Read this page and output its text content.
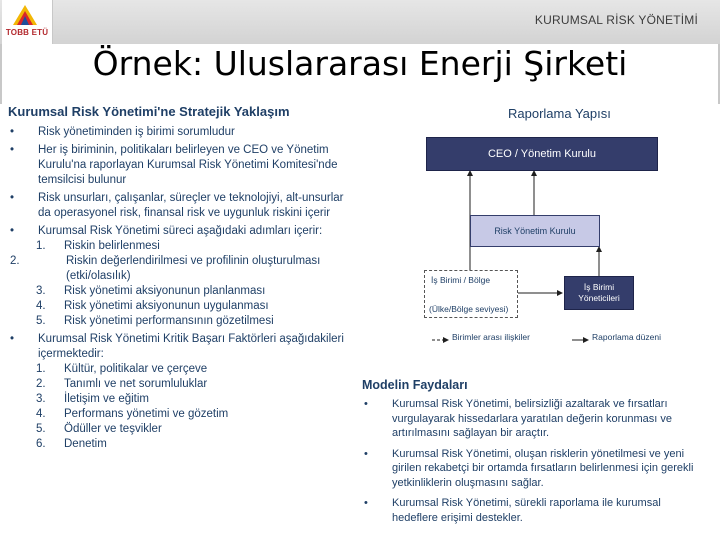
TOBB ETÜ
KURUMSAL RİSK YÖNETİMİ
Örnek: Uluslararası Enerji Şirketi
Kurumsal Risk Yönetimi'ne Stratejik Yaklaşım
• Risk yönetiminden iş birimi sorumludur
• Her iş biriminin, politikaları belirleyen ve CEO ve Yönetim Kurulu'na raporlayan Kurumsal Risk Yönetimi Komitesi'nde temsilcisi bulunur
• Risk unsurları, çalışanlar, süreçler ve teknolojiyi, alt-unsurlar da operasyonel risk, finansal risk ve uygunluk riskini içerir
• Kurumsal Risk Yönetimi süreci aşağıdaki adımları içerir:
1. Riskin belirlenmesi
2.	Riskin değerlendirilmesi ve profilinin oluşturulması (etki/olasılık)
3. Risk yönetimi aksiyonunun planlanması
4. Risk yönetimi aksiyonunun uygulanması
5. Risk yönetimi performansının gözetilmesi
• Kurumsal Risk Yönetimi Kritik Başarı Faktörleri aşağıdakileri içermektedir:
1. Kültür, politikalar ve çerçeve
2. Tanımlı ve net sorumluluklar
3. İletişim ve eğitim
4. Performans yönetimi ve gözetim
5. Ödüller ve teşvikler
6. Denetim
Raporlama Yapısı
CEO / Yönetim Kurulu
Risk Yönetim Kurulu
İş Birimi / Bölge
(Ülke/Bölge seviyesi)
İş Birimi Yöneticileri
Birimler arası ilişkiler	Raporlama düzeni
Modelin Faydaları
• Kurumsal Risk Yönetimi, belirsizliği azaltarak ve fırsatları vurgulayarak hissedarlara yaratılan değerin korunması ve artırılmasını sağlayan bir araçtır.
• Kurumsal Risk Yönetimi, oluşan risklerin yönetilmesi ve yeni girilen rekabetçi bir ortamda fırsatların belirlenmesi için gerekli yetkinliklerin oluşmasını sağlar.
• Kurumsal Risk Yönetimi, sürekli raporlama ile kurumsal hedeflere erişimi destekler.
